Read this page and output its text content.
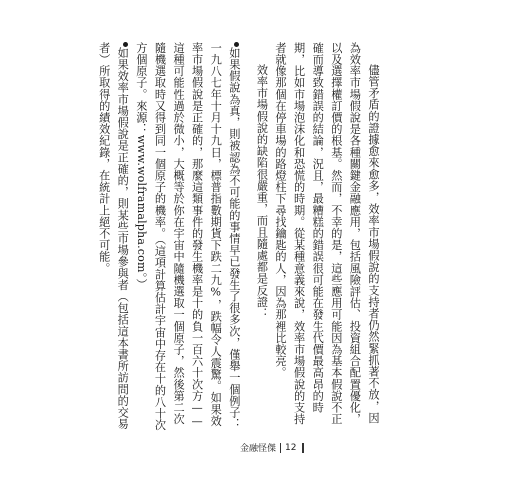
儘管矛盾的證據愈來愈多，效率市場假說的支持者仍然緊抓著不放，因為效率市場假說是各種關鍵金融應用，包括風險評估、投資組合配置優化，以及選擇權訂價的根基。然而，不幸的是，這些應用可能因為基本假說不正確而導致錯誤的結論，況且，最糟糕的錯誤很可能在發生代價最高昂的時期，比如市場泡沫化和恐慌的時期。從某種意義來說，效率市場假說的支持者就像那個在停車場的路燈柱下尋找鑰匙的人，因為那裡比較亮。

效率市場假說的缺陷很嚴重，而且隨處都是反證：

如果假說為真，則被認為不可能的事情早已發生了很多次，僅舉一個例子：一九八七年十月十九日，標普指數期貨下跌二九%，跌幅令人震驚。如果效率市場假說是正確的，那麼這類事件的發生機率是十的負一百六十次方——這種可能性過於微小，大概等於你在宇宙中隨機選取一個原子，然後第二次隨機選取時又得到同一個原子的機率。（這項計算估計宇宙中存在十的八十次方個原子。來源：www.wolframalpha.com。）

如果效率市場假說是正確的，則某些市場參與者（包括這本書所訪問的交易者）所取得的績效紀錄，在統計上絕不可能。

金融怪傑 12
